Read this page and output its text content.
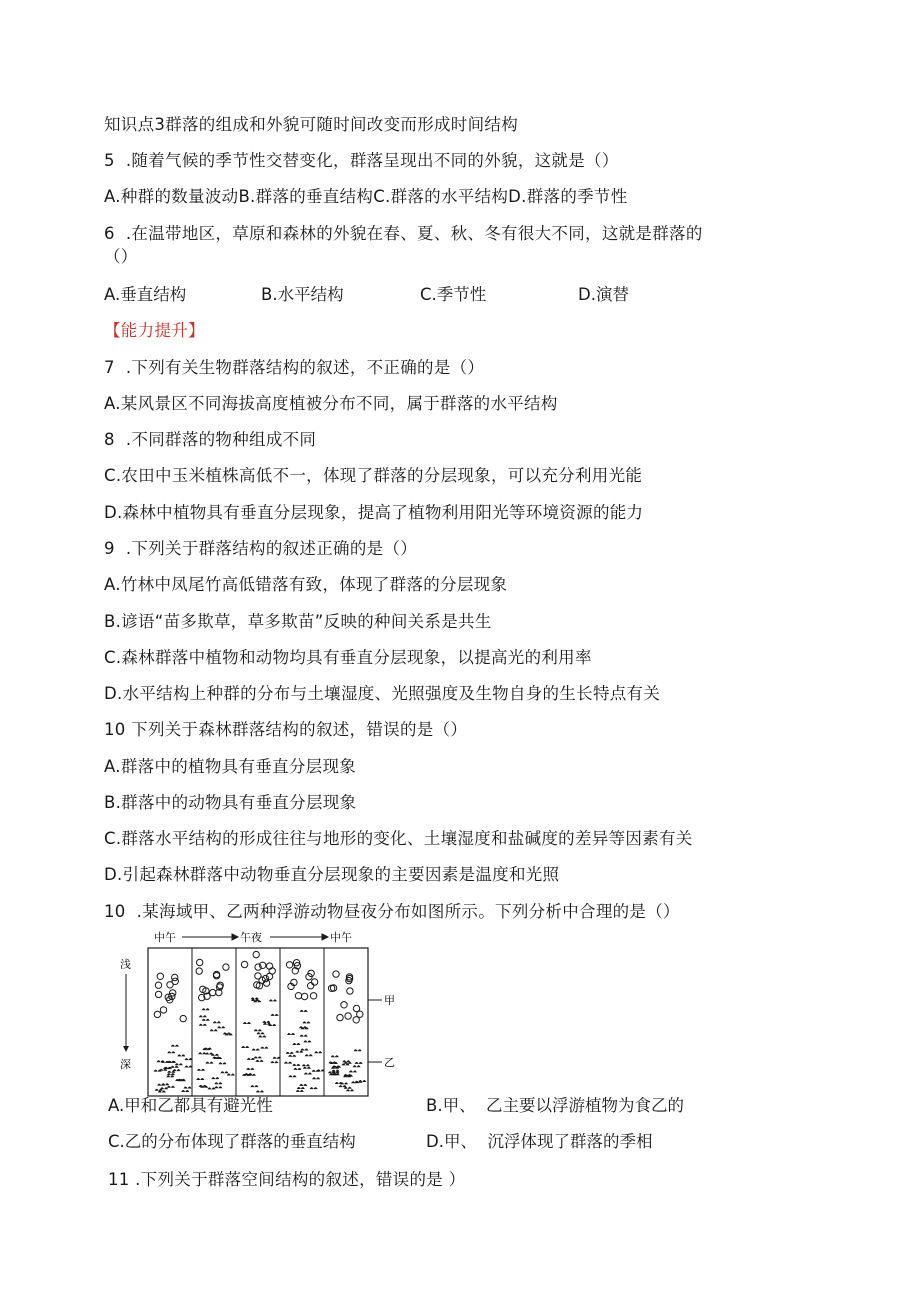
知识点3群落的组成和外貌可随时间改变而形成时间结构
5  .随着气候的季节性交替变化，群落呈现出不同的外貌，这就是（）
A.种群的数量波动B.群落的垂直结构C.群落的水平结构D.群落的季节性
6  .在温带地区，草原和森林的外貌在春、夏、秋、冬有很大不同，这就是群落的
（）
A.垂直结构	B.水平结构	C.季节性	D.演替
【能力提升】
7  .下列有关生物群落结构的叙述，不正确的是（）
A.某风景区不同海拔高度植被分布不同，属于群落的水平结构
8  .不同群落的物种组成不同
C.农田中玉米植株高低不一，体现了群落的分层现象，可以充分利用光能
D.森林中植物具有垂直分层现象，提高了植物利用阳光等环境资源的能力
9  .下列关于群落结构的叙述正确的是（）
A.竹林中凤尾竹高低错落有致，体现了群落的分层现象
B.谚语“苗多欺草，草多欺苗”反映的种间关系是共生
C.森林群落中植物和动物均具有垂直分层现象，以提高光的利用率
D.水平结构上种群的分布与土壤湿度、光照强度及生物自身的生长特点有关
10 下列关于森林群落结构的叙述，错误的是（）
A.群落中的植物具有垂直分层现象
B.群落中的动物具有垂直分层现象
C.群落水平结构的形成往往与地形的变化、土壤湿度和盐碱度的差异等因素有关
D.引起森林群落中动物垂直分层现象的主要因素是温度和光照
10  .某海域甲、乙两种浮游动物昼夜分布如图所示。下列分析中合理的是（）
中午	午夜	中午
浅
深
甲
乙
A.甲和乙都具有避光性	B.甲、  乙主要以浮游植物为食乙的
C.乙的分布体现了群落的垂直结构	D.甲、  沉浮体现了群落的季相
11 .下列关于群落空间结构的叙述，错误的是 ）
